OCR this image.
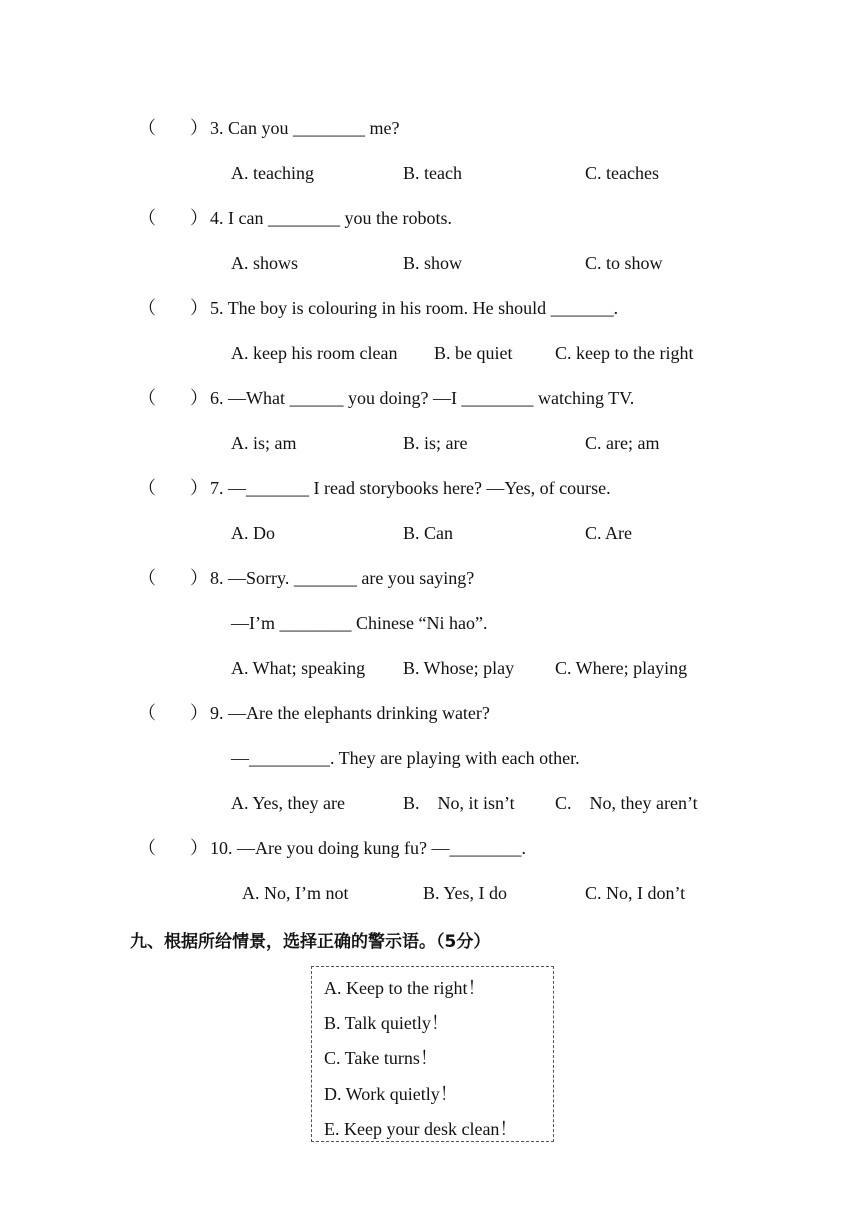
（ ） 3. Can you ________ me?
A. teaching	B. teach	C. teaches
（ ） 4. I can ________ you the robots.
A. shows	B. show	C. to show
（ ） 5. The boy is colouring in his room. He should _______.
A. keep his room clean B. be quiet C. keep to the right
（ ） 6. —What ______ you doing? —I ________ watching TV.
A. is; am	B. is; are	C. are; am
（ ） 7. —_______ I read storybooks here? —Yes, of course.
A. Do	B. Can	C. Are
（ ） 8. —Sorry. _______ are you saying?
—I’m ________ Chinese “Ni hao”.
A. What; speaking B. Whose; play C. Where; playing
（ ） 9. —Are the elephants drinking water?
—_________. They are playing with each other.
A. Yes, they are	B.    No, it isn’t C.    No, they aren’t
（ ） 10. —Are you doing kung fu? —________.
A. No, I’m not	B. Yes, I do	C. No, I don’t
九、根据所给情景，选择正确的警示语。（5分）
A. Keep to the right！
B. Talk quietly！
C. Take turns！
D. Work quietly！
E. Keep your desk clean！
